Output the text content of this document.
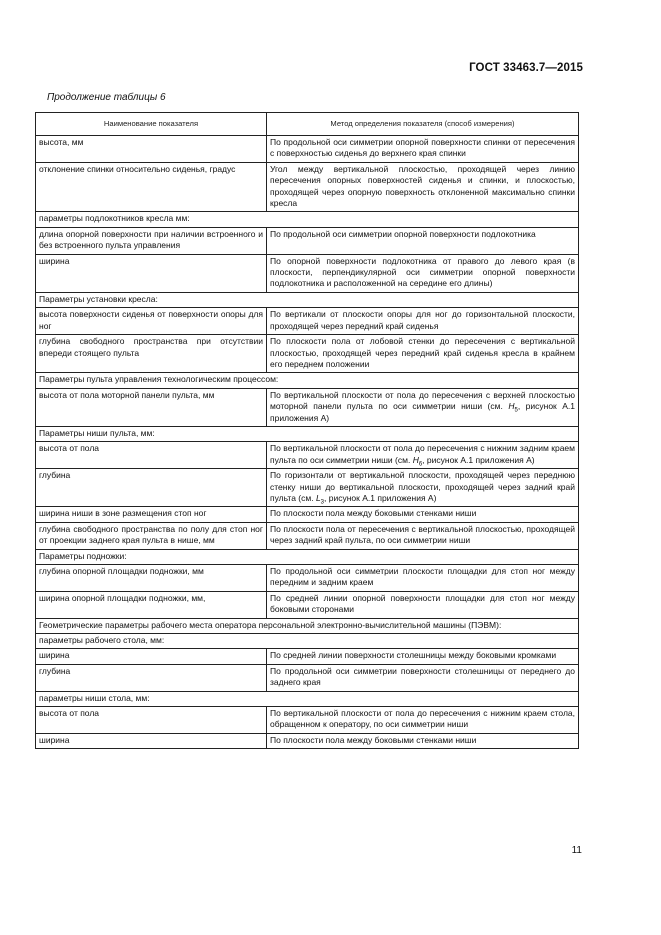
ГОСТ 33463.7—2015
Продолжение таблицы 6
Наименование показателя	Метод определения показателя (способ измерения)
высота, мм	По продольной оси симметрии опорной поверхности спинки от пересечения с поверхностью сиденья до верхнего края спинки
отклонение спинки относительно сиденья, градус	Угол между вертикальной плоскостью, проходящей через линию пересечения опорных поверхностей сиденья и спинки, и плоскостью, проходящей через опорную поверхность отклоненной максимально спинки кресла
параметры подлокотников кресла мм:	
длина опорной поверхности при наличии встроенного и без встроенного пульта управления	По продольной оси симметрии опорной поверхности подлокотника
ширина	По опорной поверхности подлокотника от правого до левого края (в плоскости, перпендикулярной оси симметрии опорной поверхности подлокотника и расположенной на середине его длины)
Параметры установки кресла:	
высота поверхности сиденья от поверхности опоры для ног	По вертикали от плоскости опоры для ног до горизонтальной плоскости, проходящей через передний край сиденья
глубина свободного пространства при отсутствии впереди стоящего пульта	По плоскости пола от лобовой стенки до пересечения с вертикальной плоскостью, проходящей через передний край сиденья кресла в крайнем его переднем положении
Параметры пульта управления технологическим процессом:	
высота от пола моторной панели пульта, мм	По вертикальной плоскости от пола до пересечения с верхней плоскостью моторной панели пульта по оси симметрии ниши (см. $H_5$, рисунок А.1 приложения А)
Параметры ниши пульта, мм:	
высота от пола	По вертикальной плоскости от пола до пересечения с нижним задним краем пульта по оси симметрии ниши (см. $H_6$, рисунок А.1 приложения А)
глубина	По горизонтали от вертикальной плоскости, проходящей через переднюю стенку ниши до вертикальной плоскости, проходящей через задний край пульта (см. $L_3$, рисунок А.1 приложения А)
ширина ниши в зоне размещения стоп ног	По плоскости пола между боковыми стенками ниши
глубина свободного пространства по полу для стоп ног от проекции заднего края пульта в нише, мм	По плоскости пола от пересечения с вертикальной плоскостью, проходящей через задний край пульта, по оси симметрии ниши
Параметры подножки:	
глубина опорной площадки подножки, мм	По продольной оси симметрии плоскости площадки для стоп ног между передним и задним краем
ширина опорной площадки подножки, мм,	По средней линии опорной поверхности площадки для стоп ног между боковыми сторонами
Геометрические параметры рабочего места оператора персональной электронно-вычислительной машины (ПЭВМ):	
параметры рабочего стола, мм:	
ширина	По средней линии поверхности столешницы между боковыми кромками
глубина	По продольной оси симметрии поверхности столешницы от переднего до заднего края
параметры ниши стола, мм:	
высота от пола	По вертикальной плоскости от пола до пересечения с нижним краем стола, обращенном к оператору, по оси симметрии ниши
ширина	По плоскости пола между боковыми стенками ниши
11
